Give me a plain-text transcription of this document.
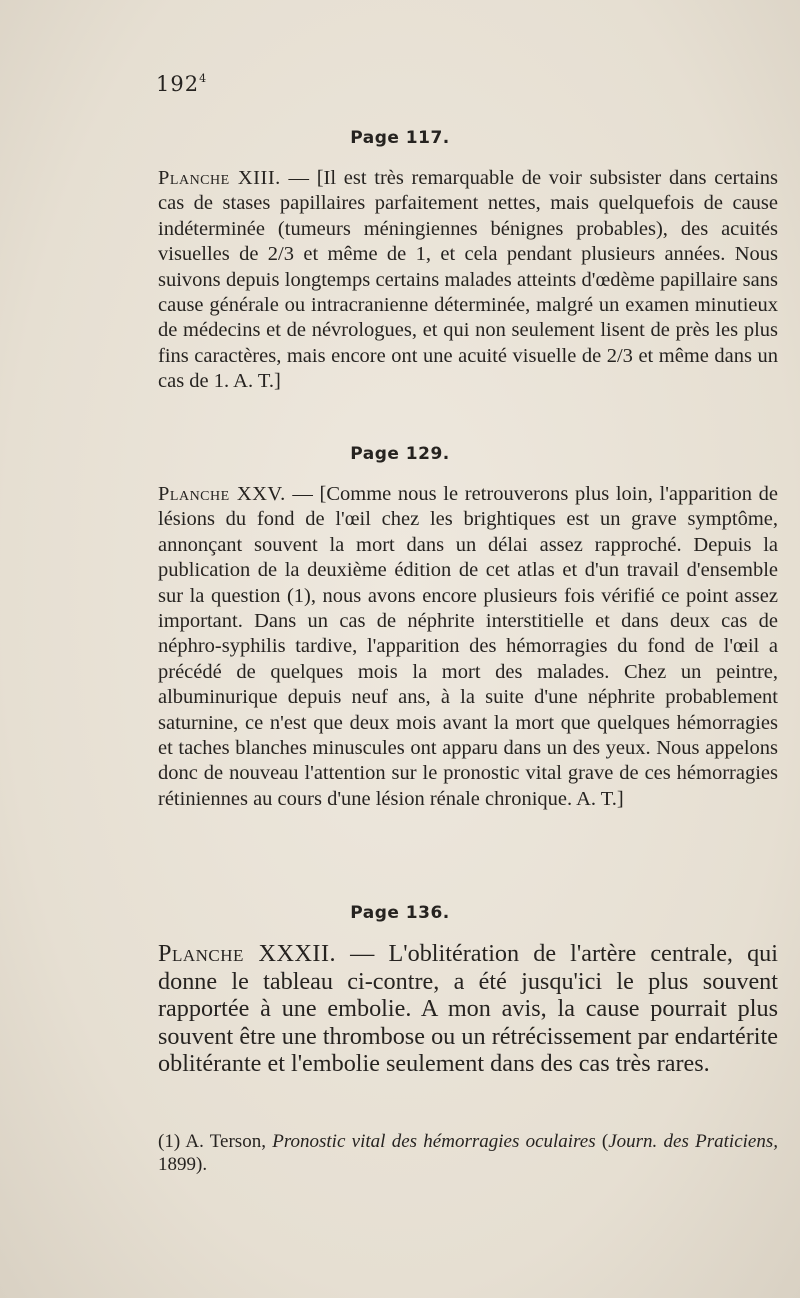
$192^4$
Page 117.
Planche XIII. — [Il est très remarquable de voir subsister dans certains cas de stases papillaires parfaitement nettes, mais quelquefois de cause indéterminée (tumeurs méningiennes bénignes probables), des acuités visuelles de 2/3 et même de 1, et cela pendant plusieurs années. Nous suivons depuis longtemps certains malades atteints d'œdème papillaire sans cause générale ou intracranienne déterminée, malgré un examen minutieux de médecins et de névrologues, et qui non seulement lisent de près les plus fins caractères, mais encore ont une acuité visuelle de 2/3 et même dans un cas de 1. A. T.]
Page 129.
Planche XXV. — [Comme nous le retrouverons plus loin, l'apparition de lésions du fond de l'œil chez les brightiques est un grave symptôme, annonçant souvent la mort dans un délai assez rapproché. Depuis la publication de la deuxième édition de cet atlas et d'un travail d'ensemble sur la question (1), nous avons encore plusieurs fois vérifié ce point assez important. Dans un cas de néphrite interstitielle et dans deux cas de néphro-syphilis tardive, l'apparition des hémorragies du fond de l'œil a précédé de quelques mois la mort des malades. Chez un peintre, albuminurique depuis neuf ans, à la suite d'une néphrite probablement saturnine, ce n'est que deux mois avant la mort que quelques hémorragies et taches blanches minuscules ont apparu dans un des yeux. Nous appelons donc de nouveau l'attention sur le pronostic vital grave de ces hémorragies rétiniennes au cours d'une lésion rénale chronique. A. T.]
Page 136.
Planche XXXII. — L'oblitération de l'artère centrale, qui donne le tableau ci-contre, a été jusqu'ici le plus souvent rapportée à une embolie. A mon avis, la cause pourrait plus souvent être une thrombose ou un rétrécissement par endartérite oblitérante et l'embolie seulement dans des cas très rares.
(1) A. Terson, Pronostic vital des hémorragies oculaires (Journ. des Praticiens, 1899).
